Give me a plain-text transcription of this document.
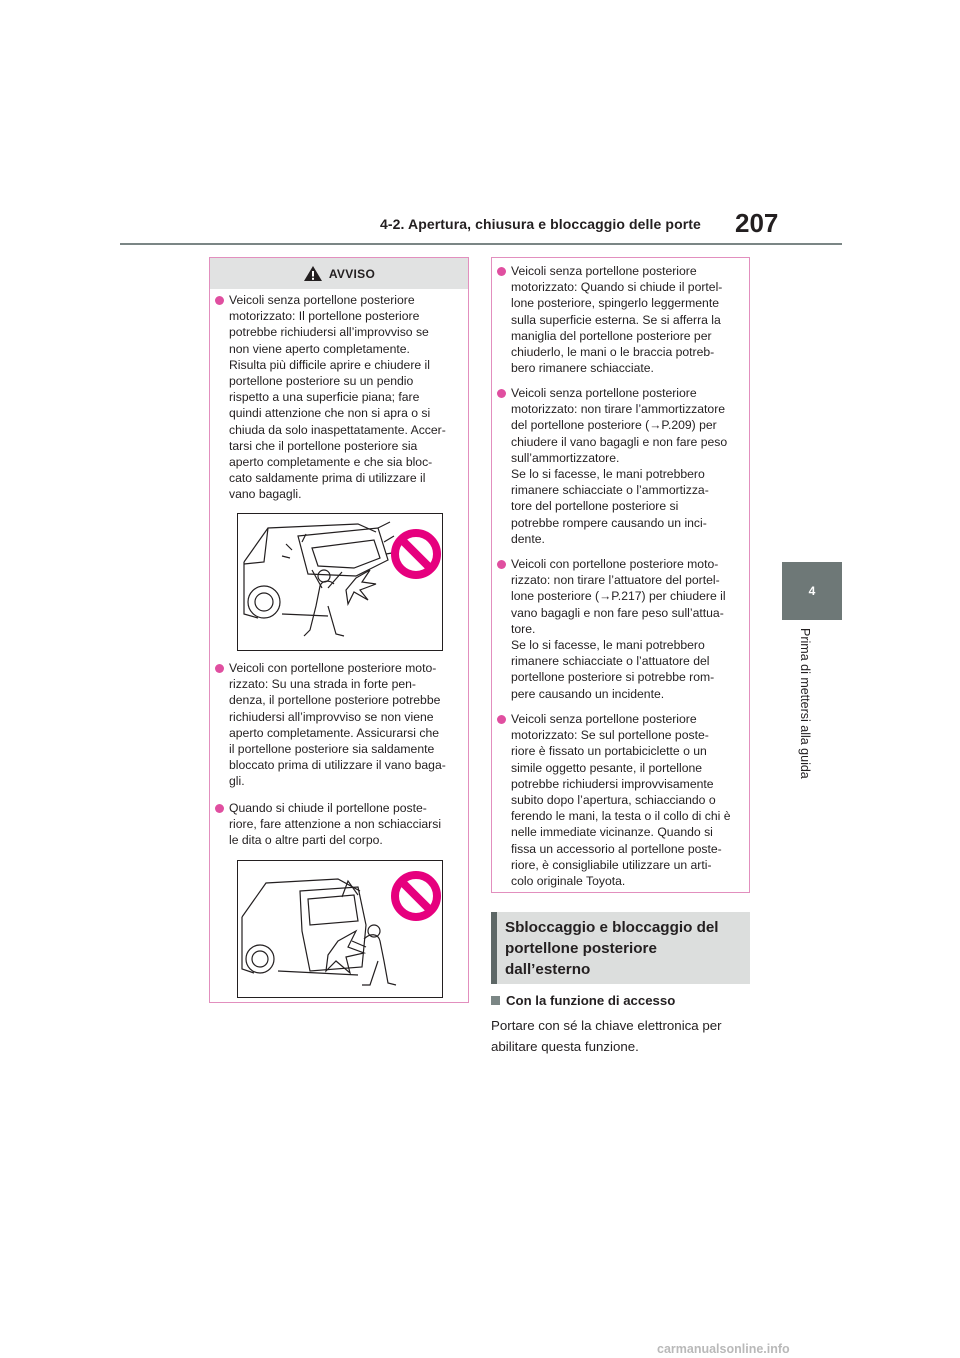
4-2. Apertura, chiusura e bloccaggio delle porte 207
4
Prima di mettersi alla guida
AVVISO
Veicoli senza portellone posteriore
motorizzato: Il portellone posteriore
potrebbe richiudersi all’improvviso se
non viene aperto completamente.
Risulta più difficile aprire e chiudere il
portellone posteriore su un pendio
rispetto a una superficie piana; fare
quindi attenzione che non si apra o si
chiuda da solo inaspettatamente. Accer-
tarsi che il portellone posteriore sia
aperto completamente e che sia bloc-
cato saldamente prima di utilizzare il
vano bagagli.
Veicoli con portellone posteriore moto-
rizzato: Su una strada in forte pen-
denza, il portellone posteriore potrebbe
richiudersi all’improvviso se non viene
aperto completamente. Assicurarsi che
il portellone posteriore sia saldamente
bloccato prima di utilizzare il vano baga-
gli.
Quando si chiude il portellone poste-
riore, fare attenzione a non schiacciarsi
le dita o altre parti del corpo.
Veicoli senza portellone posteriore
motorizzato: Quando si chiude il portel-
lone posteriore, spingerlo leggermente
sulla superficie esterna. Se si afferra la
maniglia del portellone posteriore per
chiuderlo, le mani o le braccia potreb-
bero rimanere schiacciate.
Veicoli senza portellone posteriore
motorizzato: non tirare l’ammortizzatore
del portellone posteriore (→P.209) per
chiudere il vano bagagli e non fare peso
sull’ammortizzatore.
Se lo si facesse, le mani potrebbero
rimanere schiacciate o l’ammortizza-
tore del portellone posteriore si
potrebbe rompere causando un inci-
dente.
Veicoli con portellone posteriore moto-
rizzato: non tirare l’attuatore del portel-
lone posteriore (→P.217) per chiudere il
vano bagagli e non fare peso sull’attua-
tore.
Se lo si facesse, le mani potrebbero
rimanere schiacciate o l’attuatore del
portellone posteriore si potrebbe rom-
pere causando un incidente.
Veicoli senza portellone posteriore
motorizzato: Se sul portellone poste-
riore è fissato un portabiciclette o un
simile oggetto pesante, il portellone
potrebbe richiudersi improvvisamente
subito dopo l’apertura, schiacciando o
ferendo le mani, la testa o il collo di chi è
nelle immediate vicinanze. Quando si
fissa un accessorio al portellone poste-
riore, è consigliabile utilizzare un arti-
colo originale Toyota.
Sbloccaggio e bloccaggio del
portellone posteriore
dall’esterno
Con la funzione di accesso
Portare con sé la chiave elettronica per
abilitare questa funzione.
carmanualsonline.info
